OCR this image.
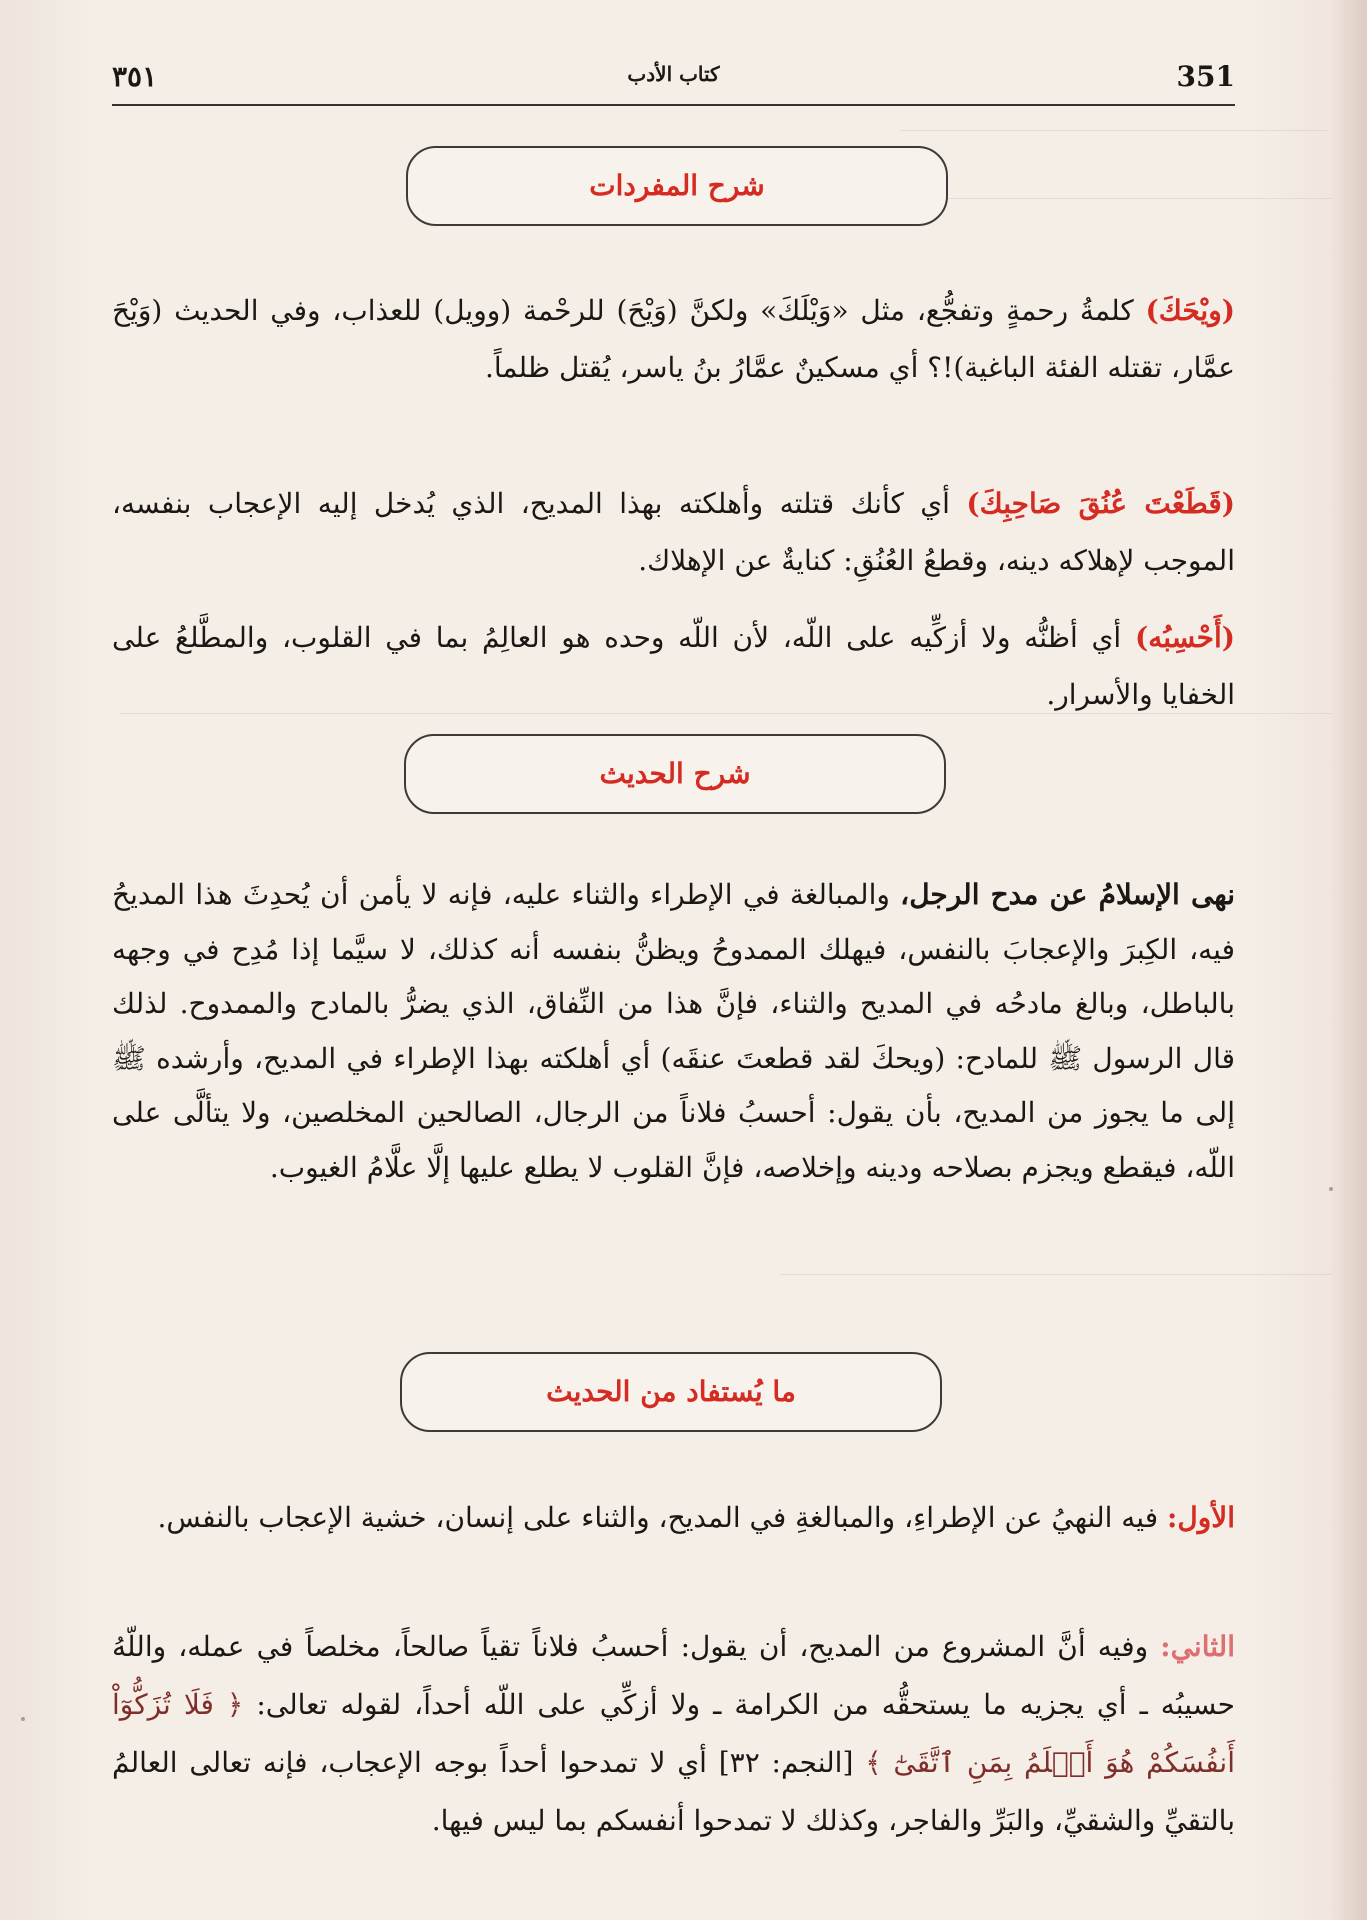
351
كتاب الأدب
٣٥١
شرح المفردات

(ويْحَكَ) كلمةُ رحمةٍ وتفجُّع، مثل «وَيْلَكَ» ولكنَّ (وَيْحَ) للرحْمة (وويل) للعذاب، وفي الحديث (وَيْحَ عمَّار، تقتله الفئة الباغية)!؟ أي مسكينٌ عمَّارُ بنُ ياسر، يُقتل ظلماً.

(قَطَعْتَ عُنُقَ صَاحِبِكَ) أي كأنك قتلته وأهلكته بهذا المديح، الذي يُدخل إليه الإعجاب بنفسه، الموجب لإهلاكه دينه، وقطعُ العُنُقِ: كنايةٌ عن الإهلاك.

(أَحْسِبُه) أي أظنُّه ولا أزكِّيه على اللّه، لأن اللّه وحده هو العالِمُ بما في القلوب، والمطَّلعُ على الخفايا والأسرار.

شرح الحديث

نهى الإسلامُ عن مدح الرجل، والمبالغة في الإطراء والثناء عليه، فإنه لا يأمن أن يُحدِثَ هذا المديحُ فيه، الكِبرَ والإعجابَ بالنفس، فيهلك الممدوحُ ويظنُّ بنفسه أنه كذلك، لا سيَّما إذا مُدِح في وجهه بالباطل، وبالغ مادحُه في المديح والثناء، فإنَّ هذا من النِّفاق، الذي يضرُّ بالمادح والممدوح. لذلك قال الرسول ﷺ للمادح: (ويحكَ لقد قطعتَ عنقَه) أي أهلكته بهذا الإطراء في المديح، وأرشده ﷺ إلى ما يجوز من المديح، بأن يقول: أحسبُ فلاناً من الرجال، الصالحين المخلصين، ولا يتألَّى على اللّه، فيقطع ويجزم بصلاحه ودينه وإخلاصه، فإنَّ القلوب لا يطلع عليها إلَّا علَّامُ الغيوب.

ما يُستفاد من الحديث

الأول: فيه النهيُ عن الإطراءِ، والمبالغةِ في المديح، والثناء على إنسان، خشية الإعجاب بالنفس.

الثاني: وفيه أنَّ المشروع من المديح، أن يقول: أحسبُ فلاناً تقياً صالحاً، مخلصاً في عمله، واللّهُ حسيبُه ـ أي يجزيه ما يستحقُّه من الكرامة ـ ولا أزكِّي على اللّه أحداً، لقوله تعالى: ﴿ فَلَا تُزَكُّوٓاْ أَنفُسَكُمْ هُوَ أَعۡلَمُ بِمَنِ ٱتَّقَىٰٓ ﴾ [النجم: ٣٢] أي لا تمدحوا أحداً بوجه الإعجاب، فإنه تعالى العالمُ بالتقيِّ والشقيِّ، والبَرِّ والفاجر، وكذلك لا تمدحوا أنفسكم بما ليس فيها.
